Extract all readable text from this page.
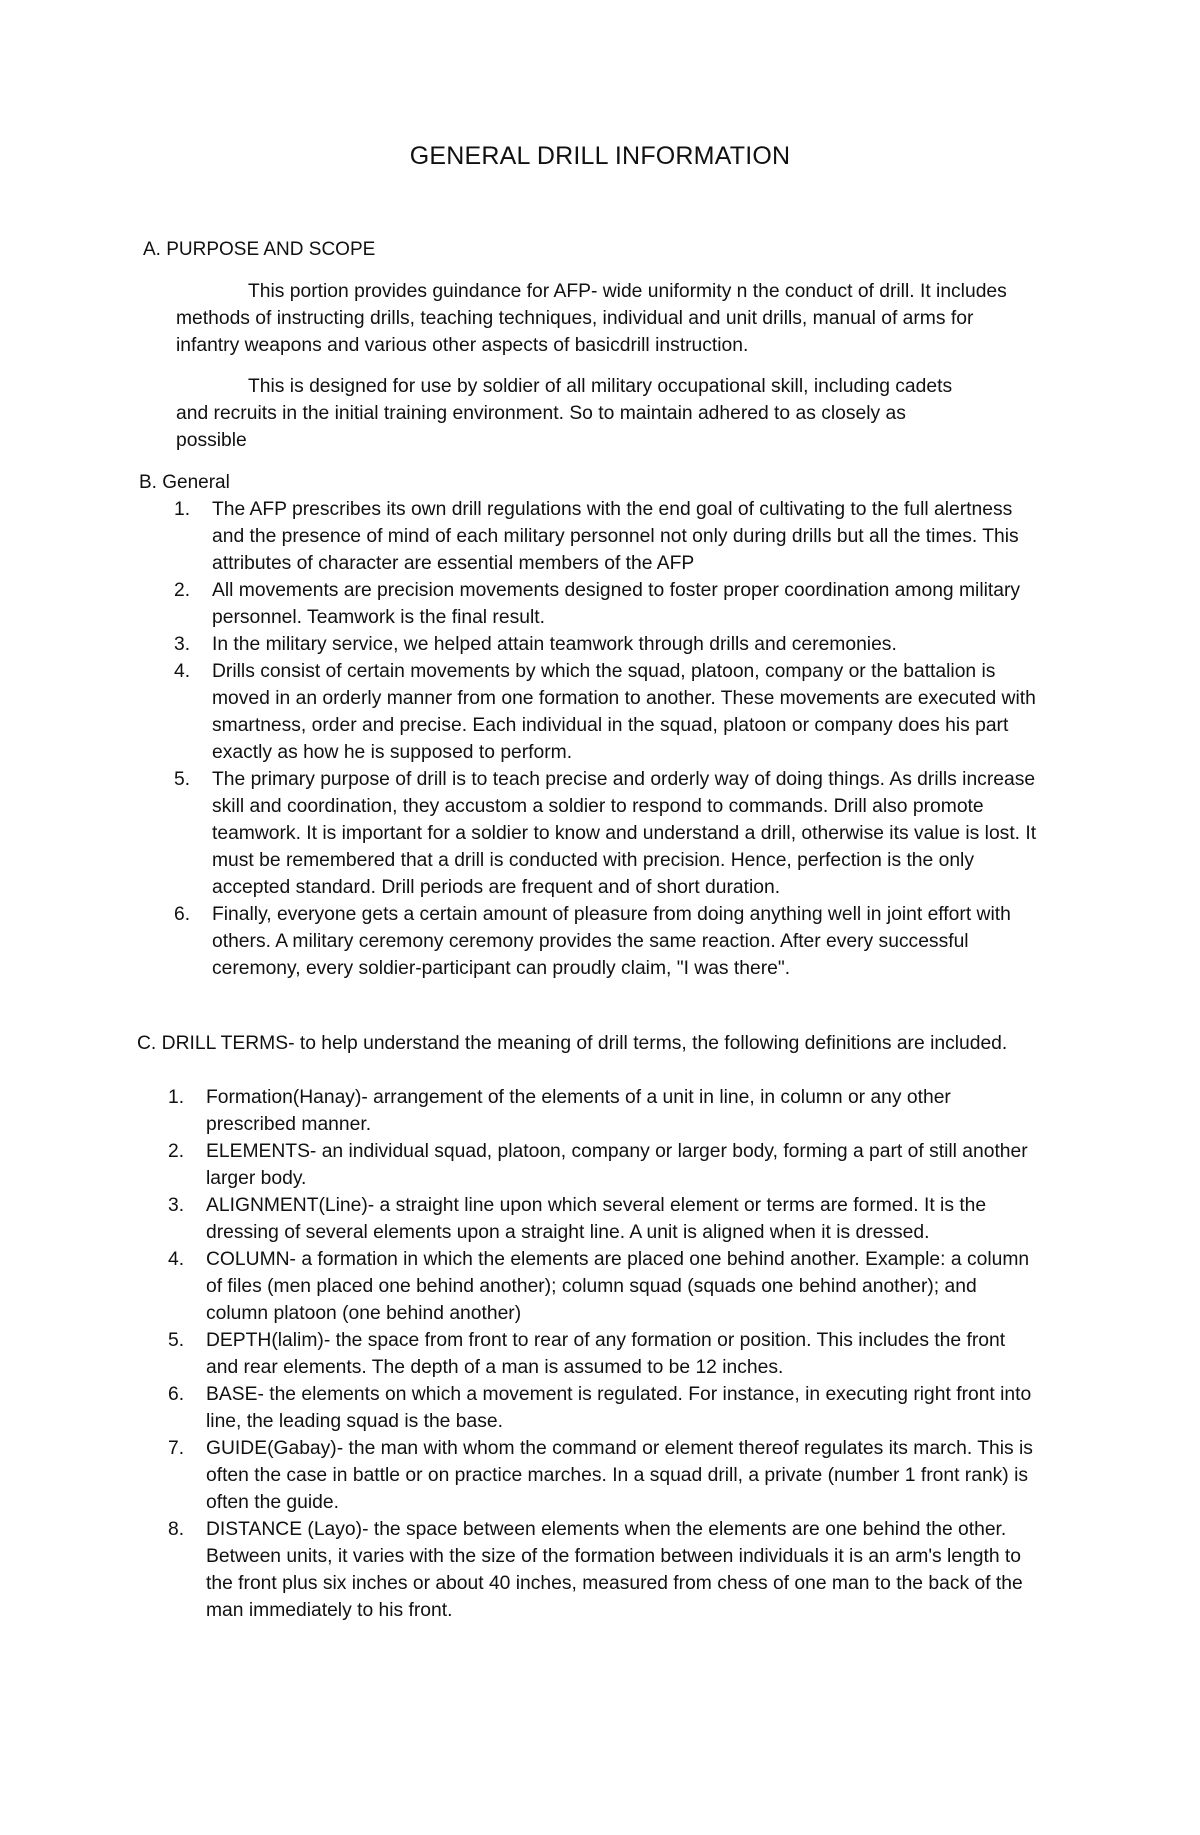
GENERAL DRILL INFORMATION
A. PURPOSE AND SCOPE
This portion provides guindance for AFP- wide uniformity n the conduct of drill. It includes methods of instructing drills, teaching techniques, individual and unit drills, manual of arms for infantry weapons and various other aspects of basicdrill instruction.
This is designed for use by soldier of all military occupational skill, including cadets and recruits in the initial training environment. So to maintain adhered to as closely as possible
B. General
1. The AFP prescribes its own drill regulations with the end goal of cultivating to the full alertness and the presence of mind of each military personnel not only during drills but all the times. This attributes of character are essential members of the AFP
2. All movements are precision movements designed to foster proper coordination among military personnel. Teamwork is the final result.
3. In the military service, we helped attain teamwork through drills and ceremonies.
4. Drills consist of certain movements by which the squad, platoon, company or the battalion is moved in an orderly manner from one formation to another. These movements are executed with smartness, order and precise. Each individual in the squad, platoon or company does his part exactly as how he is supposed to perform.
5. The primary purpose of drill is to teach precise and orderly way of doing things. As drills increase skill and coordination, they accustom a soldier to respond to commands. Drill also promote teamwork. It is important for a soldier to know and understand a drill, otherwise its value is lost. It must be remembered that a drill is conducted with precision. Hence, perfection is the only accepted standard. Drill periods are frequent and of short duration.
6. Finally, everyone gets a certain amount of pleasure from doing anything well in joint effort with others. A military ceremony ceremony provides the same reaction. After every successful ceremony, every soldier-participant can proudly claim, "I was there".
C. DRILL TERMS- to help understand the meaning of drill terms, the following definitions are included.
1. Formation(Hanay)- arrangement of the elements of a unit in line, in column or any other prescribed manner.
2. ELEMENTS- an individual squad, platoon, company or larger body, forming a part of still another larger body.
3. ALIGNMENT(Line)- a straight line upon which several element or terms are formed. It is the dressing of several elements upon a straight line. A unit is aligned when it is dressed.
4. COLUMN- a formation in which the elements are placed one behind another. Example: a column of files (men placed one behind another); column squad (squads one behind another); and column platoon (one behind another)
5. DEPTH(lalim)- the space from front to rear of any formation or position. This includes the front and rear elements. The depth of a man is assumed to be 12 inches.
6. BASE- the elements on which a movement is regulated. For instance, in executing right front into line, the leading squad is the base.
7. GUIDE(Gabay)- the man with whom the command or element thereof regulates its march. This is often the case in battle or on practice marches. In a squad drill, a private (number 1 front rank) is often the guide.
8. DISTANCE (Layo)- the space between elements when the elements are one behind the other. Between units, it varies with the size of the formation between individuals it is an arm's length to the front plus six inches or about 40 inches, measured from chess of one man to the back of the man immediately to his front.
